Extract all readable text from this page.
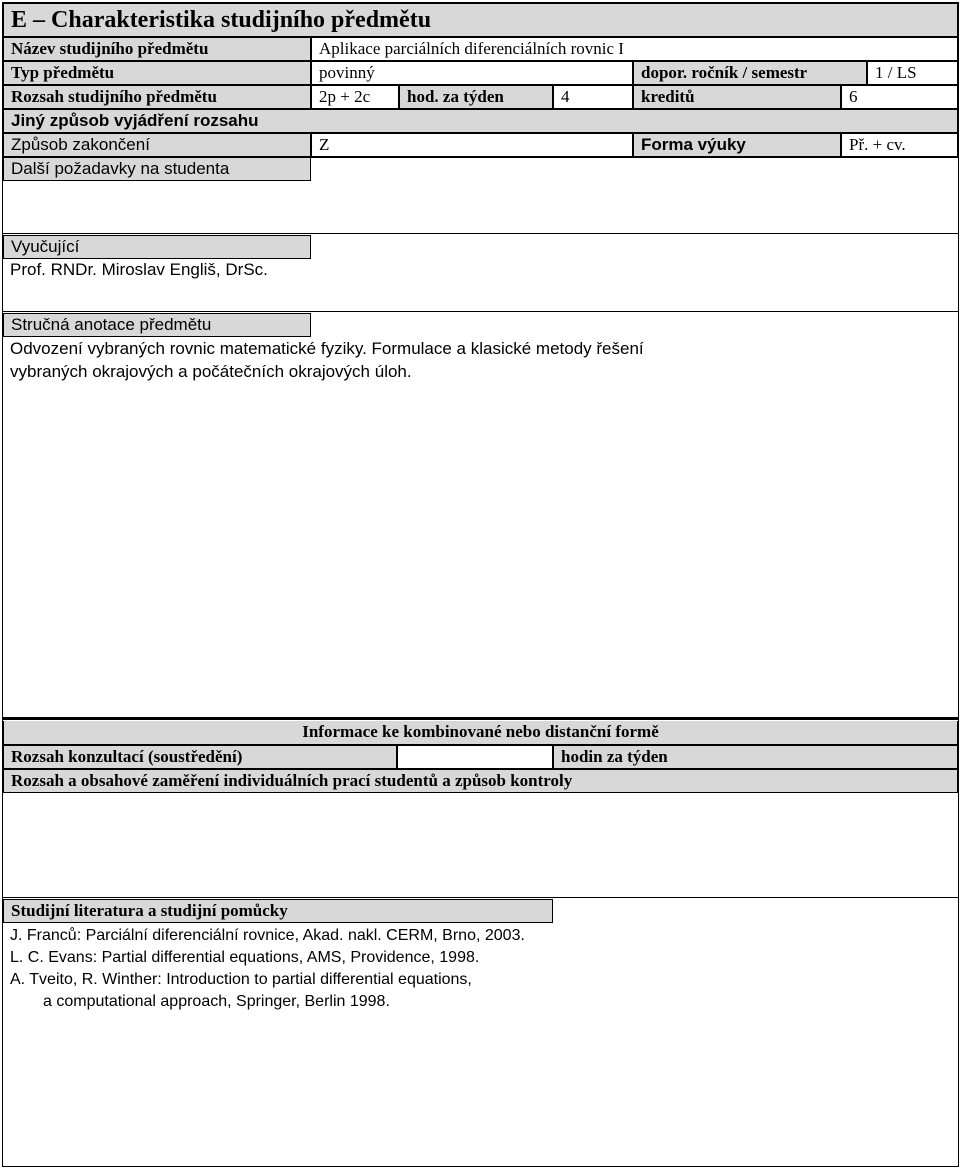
E – Charakteristika studijního předmětu
Název studijního předmětu	Aplikace parciálních diferenciálních rovnic I
Typ předmětu	povinný	dopor. ročník / semestr	1 / LS
Rozsah studijního předmětu	2p + 2c	hod. za týden	4	kreditů	6
Jiný způsob vyjádření rozsahu
Způsob zakončení	Z	Forma výuky	Př. + cv.
Další požadavky na studenta
Vyučující
Prof. RNDr. Miroslav Engliš, DrSc.
Stručná anotace předmětu
Odvození vybraných rovnic matematické fyziky. Formulace a klasické metody řešení
vybraných okrajových a počátečních okrajových úloh.
Informace ke kombinované nebo distanční formě
Rozsah konzultací (soustředění)	hodin za týden
Rozsah a obsahové zaměření individuálních prací studentů a způsob kontroly
Studijní literatura a studijní pomůcky
J. Franců: Parciální diferenciální rovnice, Akad. nakl. CERM, Brno, 2003.
L. C. Evans: Partial differential equations, AMS, Providence, 1998.
A. Tveito, R. Winther: Introduction to partial differential equations,
a computational approach, Springer, Berlin 1998.
